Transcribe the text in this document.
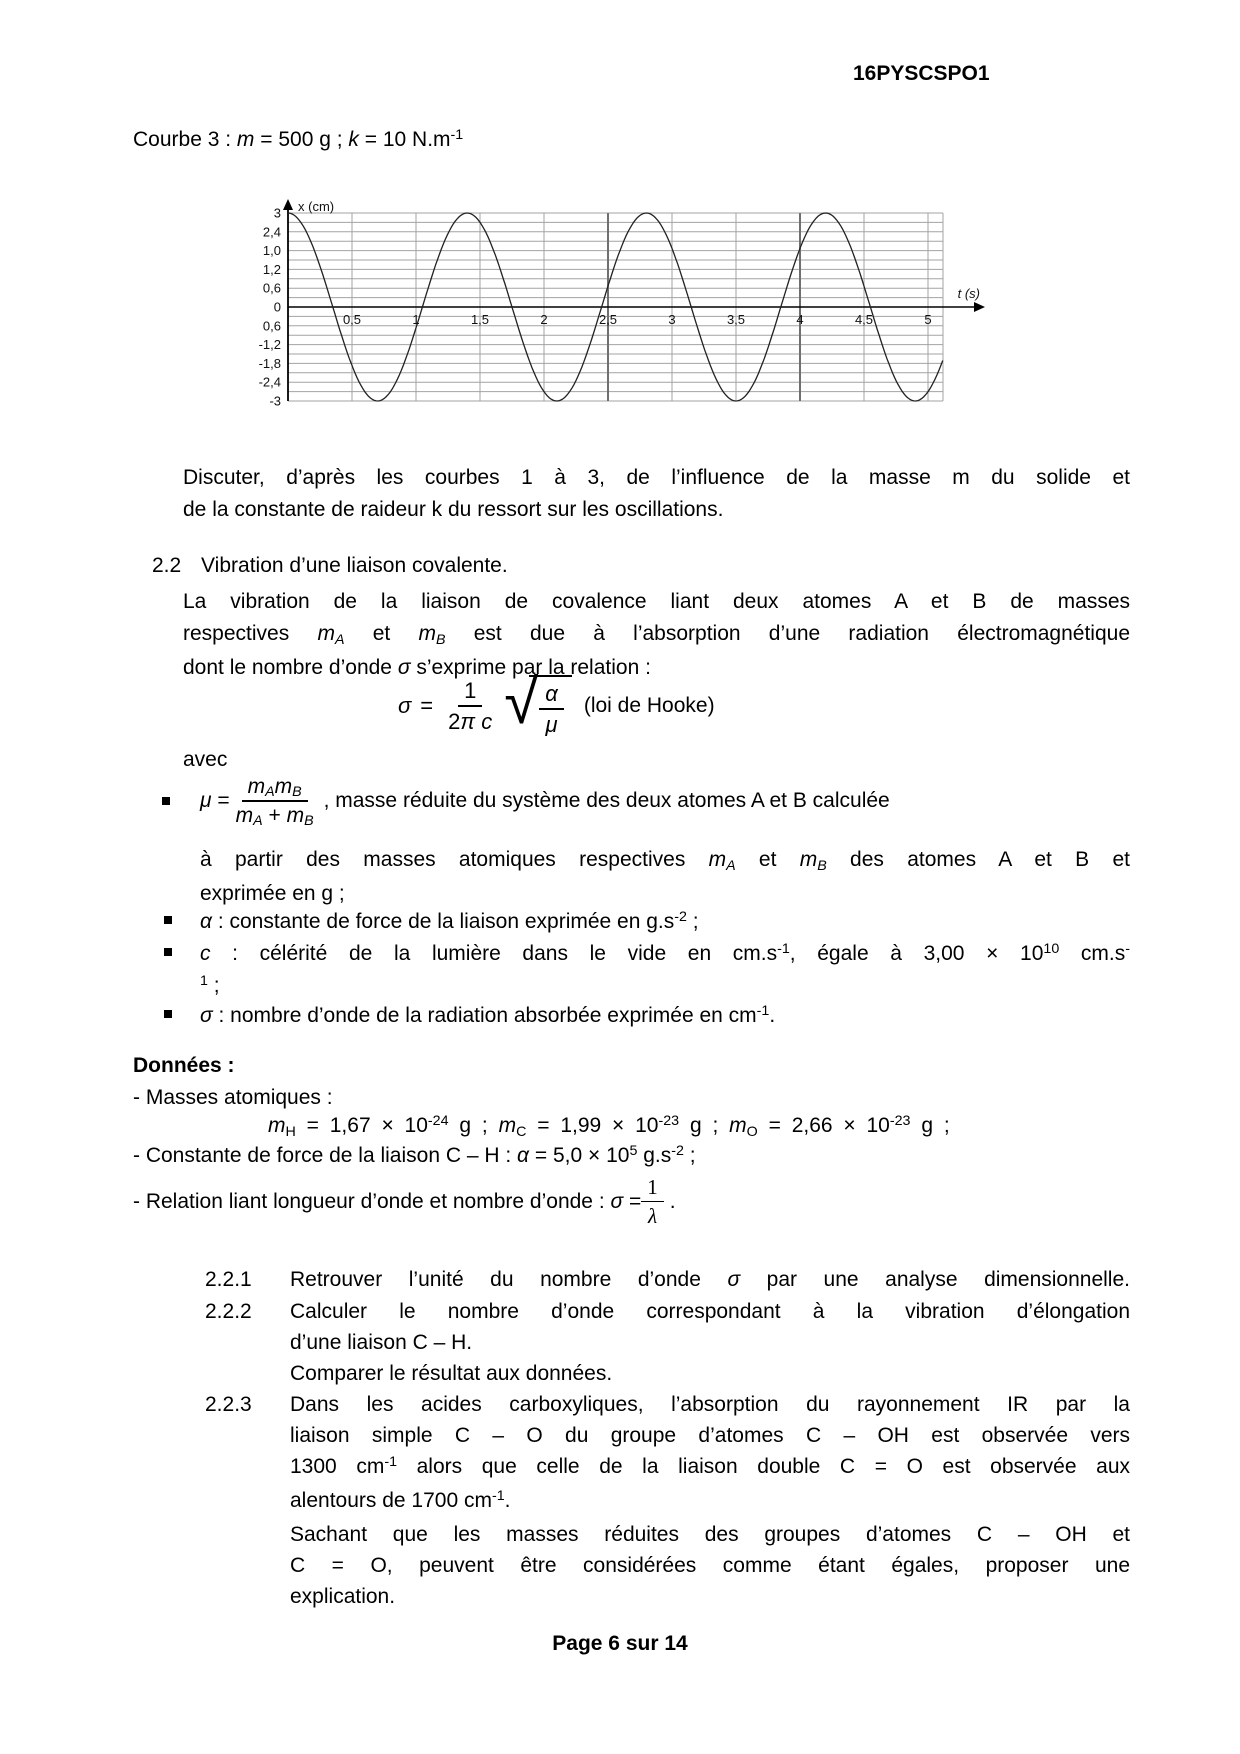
16PYSCSPO1
Courbe 3 : m = 500 g ; k = 10 $N.m^{-1}$
3
2,4
1,0
1,2
0,6
0
0,6
-1,2
-1,8
-2,4
-3
0,5	1	1,5	2	2,5	3	3,5	4	4,5	5
x (cm)
t (s)
Discuter, d’après les courbes 1 à 3, de l’influence de la masse m du solide et
de la constante de raideur k du ressort sur les oscillations.
2.2 Vibration d’une liaison covalente.
La vibration de la liaison de covalence liant deux atomes A et B de masses
respectives mA et mB est due à l’absorption d’une radiation électromagnétique
dont le nombre d’onde σ s’exprime par la relation :
$\sigma = \frac{1}{\text{2π c}}$ √ $\frac{\alpha}{\mu} (loi$ de Hooke)
avec
$\mu = \frac{\text{mAmB}}{mA + mB}$ , masse réduite du système des deux atomes A et B calculée
à partir des masses atomiques respectives mA et mB des atomes A et B et
exprimée en g ;
α : constante de force de la liaison exprimée en $g.s^{-2}$ ;
c : célérité de la lumière dans le vide en $cm.s^{-1}$, égale à $3,00 \times 10^{10}$ cm.s-
$^1$ ;
σ : nombre d’onde de la radiation absorbée exprimée en $cm^{-1}$.
Données :
- Masses atomiques :
mH = $1,67 \times 10^{-24}$ g ; mC = $1,99 \times 10^{-23}$ g ; mO = $2,66 \times 10^{-23}$ g ;
- Constante de force de la liaison C – H : $\alpha = 5,0 \times 10^5$ $g.s^{-2}$ ;
- Relation liant longueur d’onde et nombre d’onde : $\sigma = \frac{1}{\lambda}$ .
2.2.1 Retrouver l’unité du nombre d’onde σ par une analyse dimensionnelle.
2.2.2 Calculer le nombre d’onde correspondant à la vibration d’élongation
d’une liaison C – H.
Comparer le résultat aux données.
2.2.3 Dans les acides carboxyliques, l’absorption du rayonnement IR par la
liaison simple C – O du groupe d’atomes C – OH est observée vers
1300 $cm^{-1}$ alors que celle de la liaison double C = O est observée aux
alentours de 1700 $cm^{-1}$.
Sachant que les masses réduites des groupes d’atomes C – OH et
C = O, peuvent être considérées comme étant égales, proposer une
explication.
Page 6 sur 14
